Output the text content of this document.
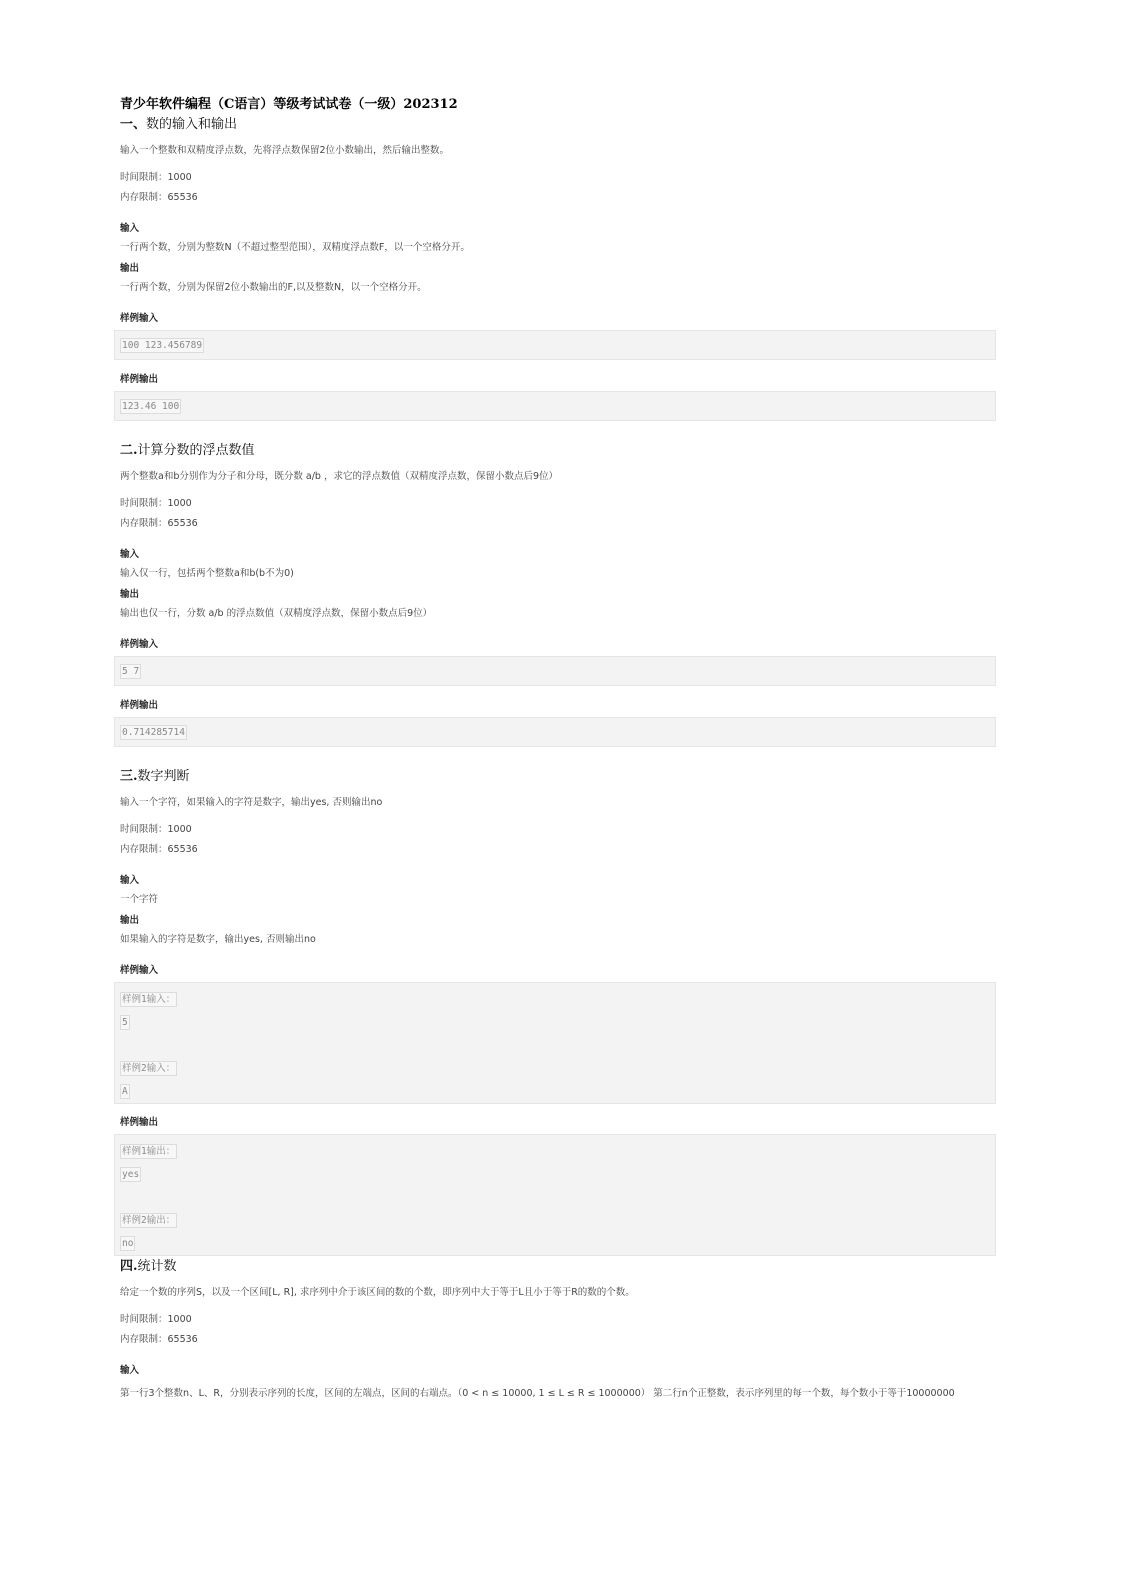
青少年软件编程（C语言）等级考试试卷（一级）202312
一、数的输入和输出
输入一个整数和双精度浮点数，先将浮点数保留2位小数输出，然后输出整数。
时间限制：1000
内存限制：65536
输入
一行两个数，分别为整数N（不超过整型范围），双精度浮点数F，以一个空格分开。
输出
一行两个数，分别为保留2位小数输出的F,以及整数N，以一个空格分开。
样例输入
100 123.456789
样例输出
123.46 100
二.计算分数的浮点数值
两个整数a和b分别作为分子和分母，既分数 a/b ，求它的浮点数值（双精度浮点数，保留小数点后9位）
时间限制：1000
内存限制：65536
输入
输入仅一行，包括两个整数a和b(b不为0)
输出
输出也仅一行，分数 a/b 的浮点数值（双精度浮点数，保留小数点后9位）
样例输入
5 7
样例输出
0.714285714
三.数字判断
输入一个字符，如果输入的字符是数字，输出yes, 否则输出no
时间限制：1000
内存限制：65536
输入
一个字符
输出
如果输入的字符是数字，输出yes, 否则输出no
样例输入
样例1输入：
5
样例2输入：
A
样例输出
样例1输出：
yes
样例2输出：
no
四.统计数
给定一个数的序列S，以及一个区间[L, R], 求序列中介于该区间的数的个数，即序列中大于等于L且小于等于R的数的个数。
时间限制：1000
内存限制：65536
输入
第一行3个整数n、L、R，分别表示序列的长度，区间的左端点，区间的右端点。（0 < n ≤ 10000, 1 ≤ L ≤ R ≤ 1000000） 第二行n个正整数，表示序列里的每一个数，每个数小于等于10000000
